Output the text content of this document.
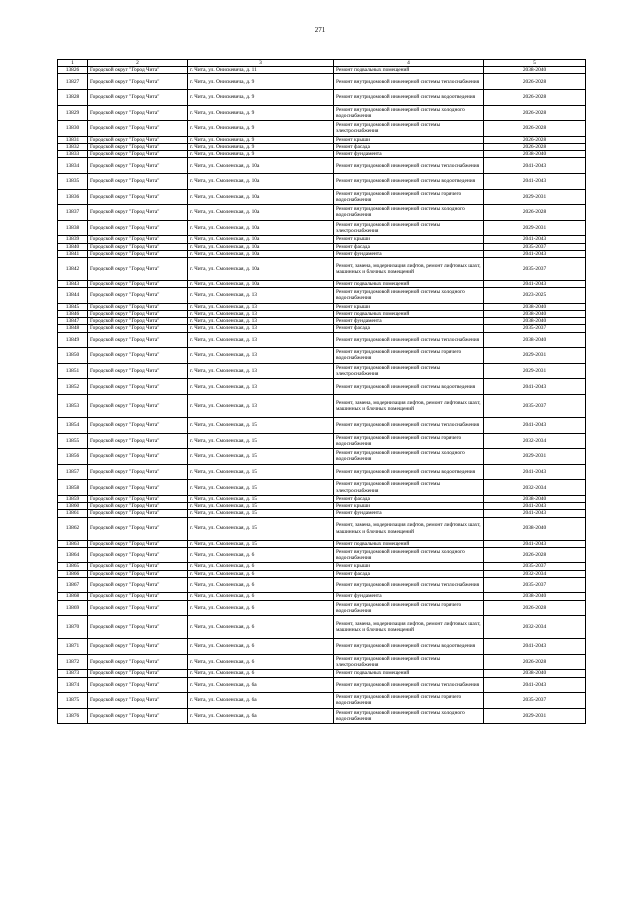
271
1	2	3	4	5
13826	Городской округ "Город Чита"	г. Чита, ул. Онискевича, д. 11	Ремонт подвальных помещений	2038-2040
13827	Городской округ "Город Чита"	г. Чита, ул. Онискевича, д. 9	Ремонт внутридомовой инженерной системы теплоснабжения	2026-2028
13828	Городской округ "Город Чита"	г. Чита, ул. Онискевича, д. 9	Ремонт внутридомовой инженерной системы водоотведения	2026-2028
13829	Городской округ "Город Чита"	г. Чита, ул. Онискевича, д. 9	Ремонт внутридомовой инженерной системы холодного водоснабжения	2026-2028
13830	Городской округ "Город Чита"	г. Чита, ул. Онискевича, д. 9	Ремонт внутридомовой инженерной системы электроснабжения	2026-2028
13831	Городской округ "Город Чита"	г. Чита, ул. Онискевича, д. 9	Ремонт крыши	2026-2028
13832	Городской округ "Город Чита"	г. Чита, ул. Онискевича, д. 9	Ремонт фасада	2026-2028
13833	Городской округ "Город Чита"	г. Чита, ул. Онискевича, д. 9	Ремонт фундамента	2038-2040
13834	Городской округ "Город Чита"	г. Чита, ул. Смоленская, д. 10а	Ремонт внутридомовой инженерной системы теплоснабжения	2041-2043
13835	Городской округ "Город Чита"	г. Чита, ул. Смоленская, д. 10а	Ремонт внутридомовой инженерной системы водоотведения	2041-2043
13836	Городской округ "Город Чита"	г. Чита, ул. Смоленская, д. 10а	Ремонт внутридомовой инженерной системы горячего водоснабжения	2029-2031
13837	Городской округ "Город Чита"	г. Чита, ул. Смоленская, д. 10а	Ремонт внутридомовой инженерной системы холодного водоснабжения	2026-2028
13838	Городской округ "Город Чита"	г. Чита, ул. Смоленская, д. 10а	Ремонт внутридомовой инженерной системы электроснабжения	2029-2031
13839	Городской округ "Город Чита"	г. Чита, ул. Смоленская, д. 10а	Ремонт крыши	2041-2043
13840	Городской округ "Город Чита"	г. Чита, ул. Смоленская, д. 10а	Ремонт фасада	2035-2037
13841	Городской округ "Город Чита"	г. Чита, ул. Смоленская, д. 10а	Ремонт фундамента	2041-2043
13842	Городской округ "Город Чита"	г. Чита, ул. Смоленская, д. 10а	Ремонт, замена, модернизация лифтов, ремонт лифтовых шахт, машинных и блочных помещений	2035-2037
13843	Городской округ "Город Чита"	г. Чита, ул. Смоленская, д. 10а	Ремонт подвальных помещений	2041-2043
13844	Городской округ "Город Чита"	г. Чита, ул. Смоленская, д. 13	Ремонт внутридомовой инженерной системы холодного водоснабжения	2023-2025
13845	Городской округ "Город Чита"	г. Чита, ул. Смоленская, д. 13	Ремонт крыши	2038-2040
13846	Городской округ "Город Чита"	г. Чита, ул. Смоленская, д. 13	Ремонт подвальных помещений	2038-2040
13847	Городской округ "Город Чита"	г. Чита, ул. Смоленская, д. 13	Ремонт фундамента	2038-2040
13848	Городской округ "Город Чита"	г. Чита, ул. Смоленская, д. 13	Ремонт фасада	2035-2037
13849	Городской округ "Город Чита"	г. Чита, ул. Смоленская, д. 13	Ремонт внутридомовой инженерной системы теплоснабжения	2038-2040
13850	Городской округ "Город Чита"	г. Чита, ул. Смоленская, д. 13	Ремонт внутридомовой инженерной системы горячего водоснабжения	2029-2031
13851	Городской округ "Город Чита"	г. Чита, ул. Смоленская, д. 13	Ремонт внутридомовой инженерной системы электроснабжения	2029-2031
13852	Городской округ "Город Чита"	г. Чита, ул. Смоленская, д. 13	Ремонт внутридомовой инженерной системы водоотведения	2041-2043
13853	Городской округ "Город Чита"	г. Чита, ул. Смоленская, д. 13	Ремонт, замена, модернизация лифтов, ремонт лифтовых шахт, машинных и блочных помещений	2035-2037
13854	Городской округ "Город Чита"	г. Чита, ул. Смоленская, д. 15	Ремонт внутридомовой инженерной системы теплоснабжения	2041-2043
13855	Городской округ "Город Чита"	г. Чита, ул. Смоленская, д. 15	Ремонт внутридомовой инженерной системы горячего водоснабжения	2032-2034
13856	Городской округ "Город Чита"	г. Чита, ул. Смоленская, д. 15	Ремонт внутридомовой инженерной системы холодного водоснабжения	2029-2031
13857	Городской округ "Город Чита"	г. Чита, ул. Смоленская, д. 15	Ремонт внутридомовой инженерной системы водоотведения	2041-2043
13858	Городской округ "Город Чита"	г. Чита, ул. Смоленская, д. 15	Ремонт внутридомовой инженерной системы электроснабжения	2032-2034
13859	Городской округ "Город Чита"	г. Чита, ул. Смоленская, д. 15	Ремонт фасада	2038-2040
13860	Городской округ "Город Чита"	г. Чита, ул. Смоленская, д. 15	Ремонт крыши	2041-2043
13861	Городской округ "Город Чита"	г. Чита, ул. Смоленская, д. 15	Ремонт фундамента	2041-2043
13862	Городской округ "Город Чита"	г. Чита, ул. Смоленская, д. 15	Ремонт, замена, модернизация лифтов, ремонт лифтовых шахт, машинных и блочных помещений	2038-2040
13863	Городской округ "Город Чита"	г. Чита, ул. Смоленская, д. 15	Ремонт подвальных помещений	2041-2043
13864	Городской округ "Город Чита"	г. Чита, ул. Смоленская, д. 6	Ремонт внутридомовой инженерной системы холодного водоснабжения	2026-2028
13865	Городской округ "Город Чита"	г. Чита, ул. Смоленская, д. 6	Ремонт крыши	2035-2037
13866	Городской округ "Город Чита"	г. Чита, ул. Смоленская, д. 6	Ремонт фасада	2032-2034
13867	Городской округ "Город Чита"	г. Чита, ул. Смоленская, д. 6	Ремонт внутридомовой инженерной системы теплоснабжения	2035-2037
13868	Городской округ "Город Чита"	г. Чита, ул. Смоленская, д. 6	Ремонт фундамента	2038-2040
13869	Городской округ "Город Чита"	г. Чита, ул. Смоленская, д. 6	Ремонт внутридомовой инженерной системы горячего водоснабжения	2026-2028
13870	Городской округ "Город Чита"	г. Чита, ул. Смоленская, д. 6	Ремонт, замена, модернизация лифтов, ремонт лифтовых шахт, машинных и блочных помещений	2032-2034
13871	Городской округ "Город Чита"	г. Чита, ул. Смоленская, д. 6	Ремонт внутридомовой инженерной системы водоотведения	2041-2043
13872	Городской округ "Город Чита"	г. Чита, ул. Смоленская, д. 6	Ремонт внутридомовой инженерной системы электроснабжения	2026-2028
13873	Городской округ "Город Чита"	г. Чита, ул. Смоленская, д. 6	Ремонт подвальных помещений	2038-2040
13874	Городской округ "Город Чита"	г. Чита, ул. Смоленская, д. 6а	Ремонт внутридомовой инженерной системы теплоснабжения	2041-2043
13875	Городской округ "Город Чита"	г. Чита, ул. Смоленская, д. 6а	Ремонт внутридомовой инженерной системы горячего водоснабжения	2035-2037
13876	Городской округ "Город Чита"	г. Чита, ул. Смоленская, д. 6а	Ремонт внутридомовой инженерной системы холодного водоснабжения	2029-2031
